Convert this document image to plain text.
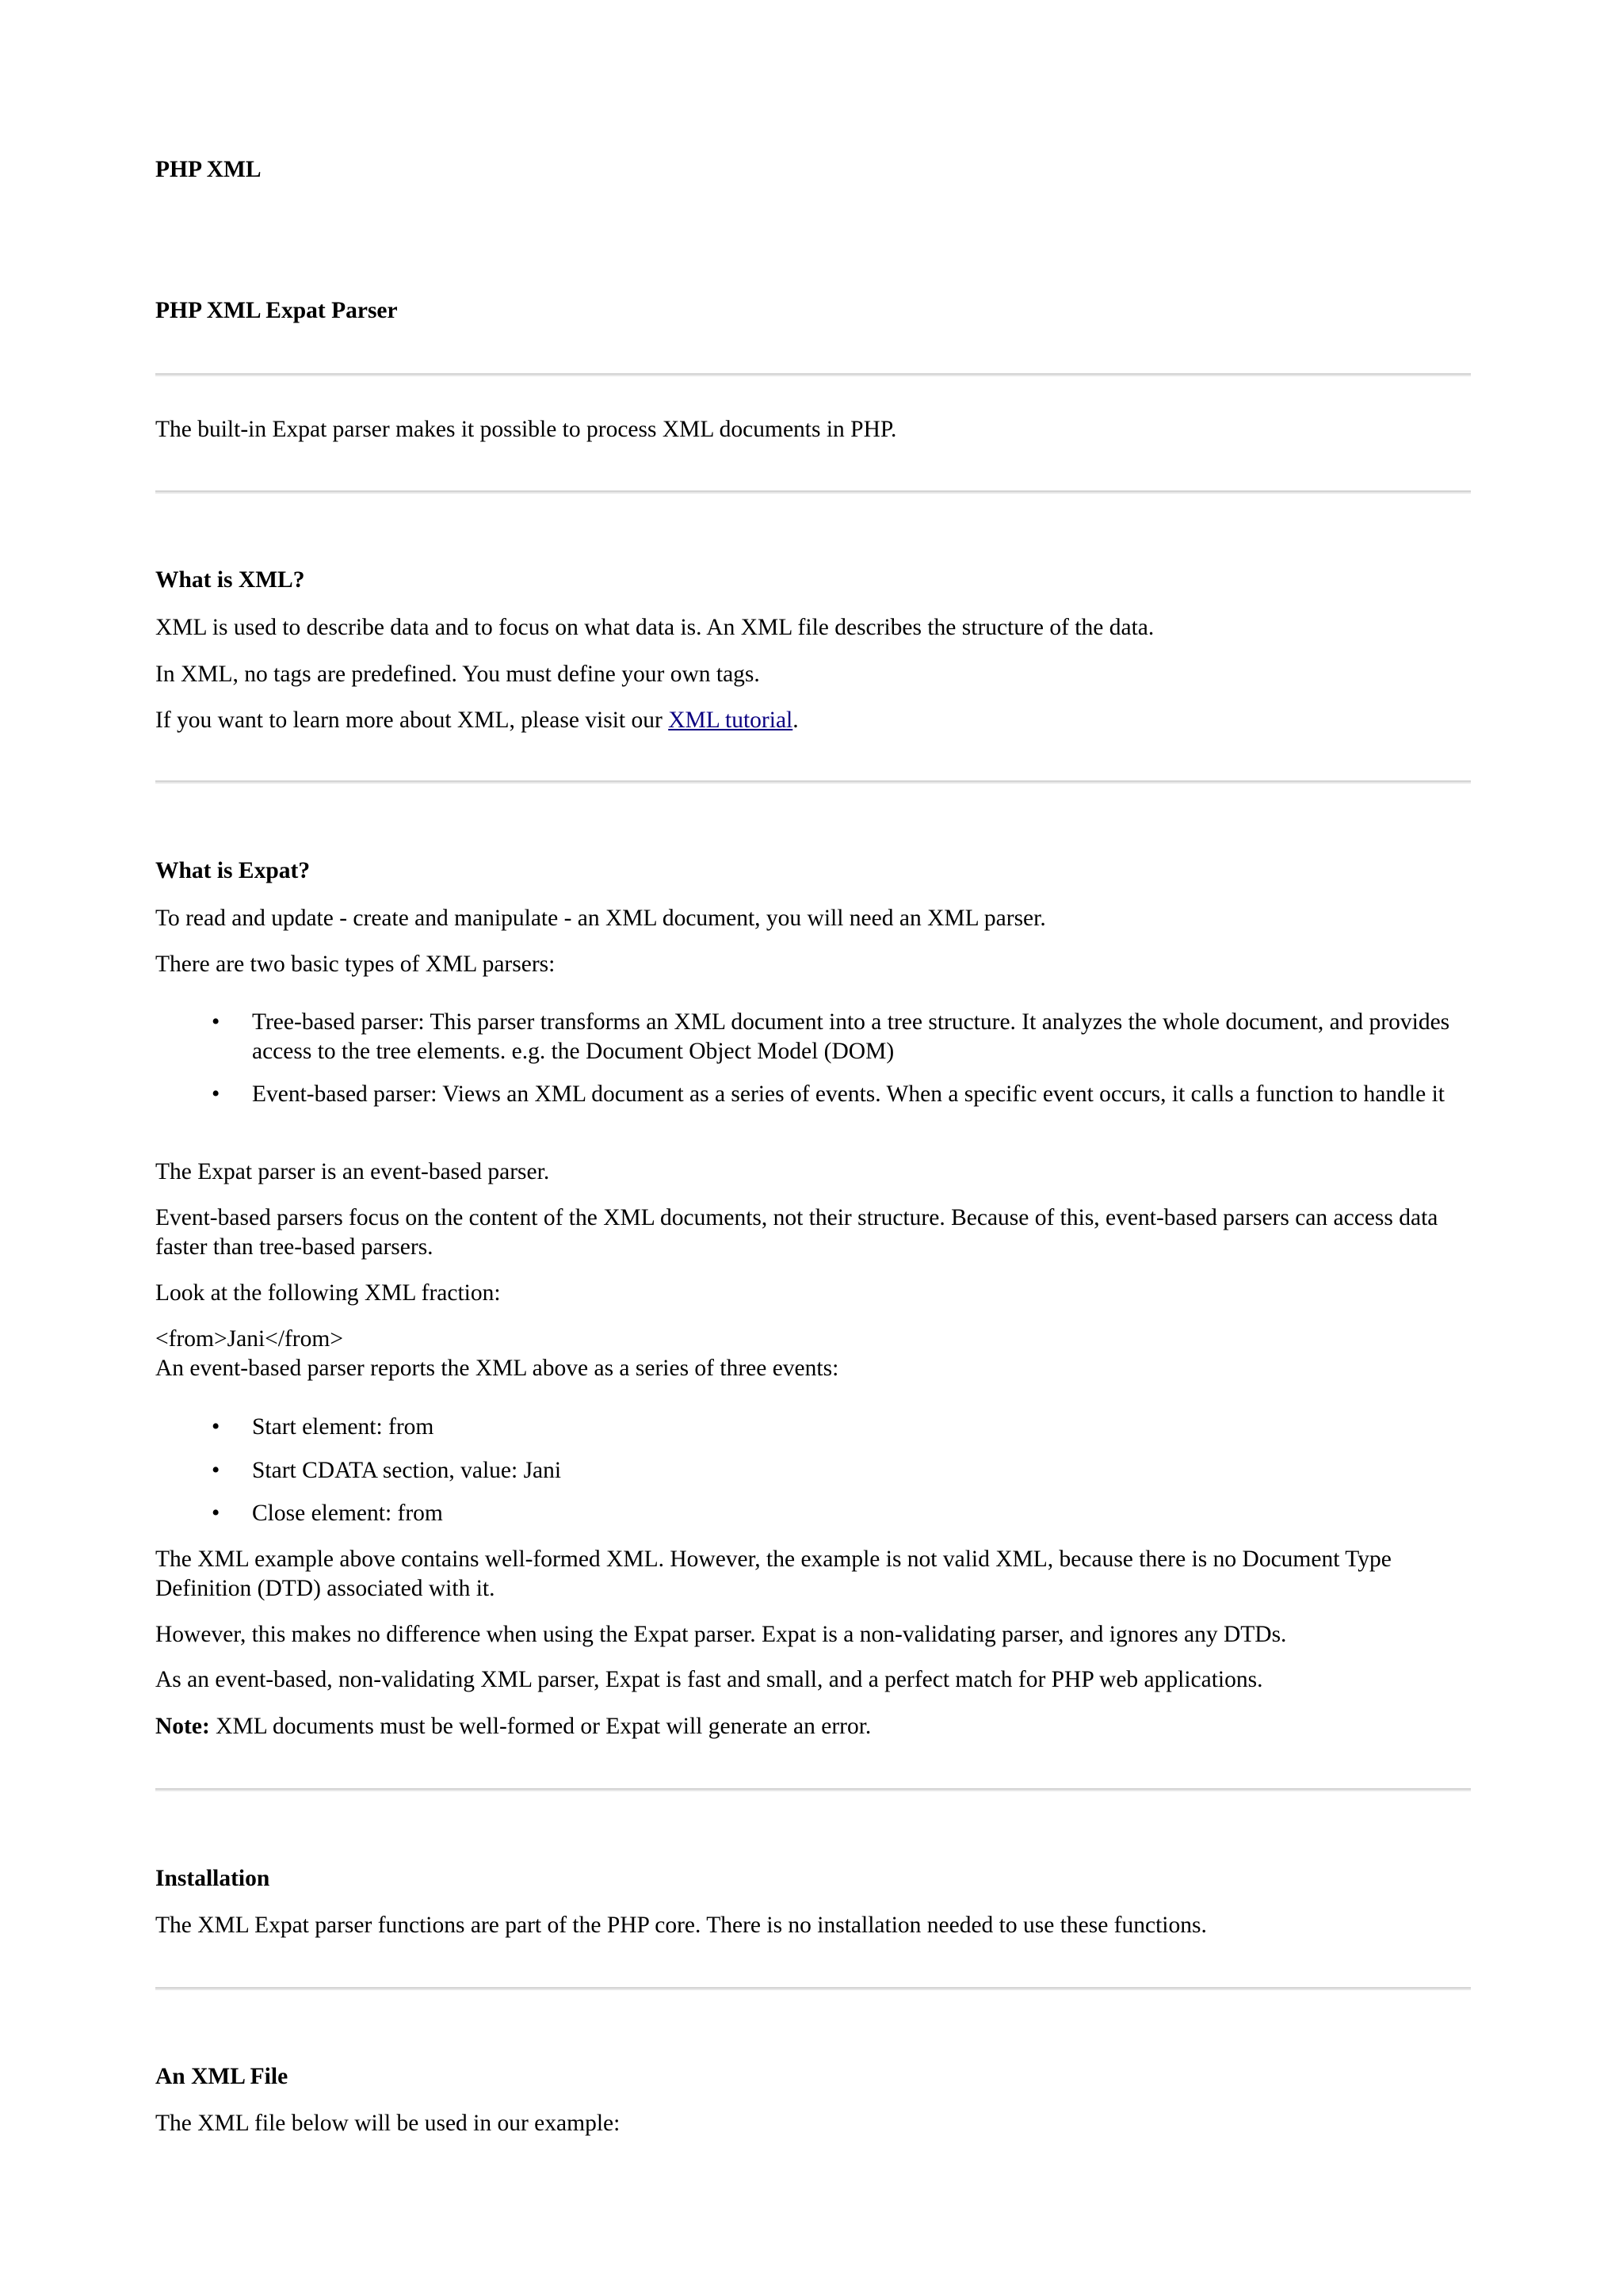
PHP XML

PHP XML Expat Parser

The built-in Expat parser makes it possible to process XML documents in PHP.

What is XML?

XML is used to describe data and to focus on what data is. An XML file describes the structure of the data.

In XML, no tags are predefined. You must define your own tags.

If you want to learn more about XML, please visit our XML tutorial.

What is Expat?

To read and update - create and manipulate - an XML document, you will need an XML parser.

There are two basic types of XML parsers:

• Tree-based parser: This parser transforms an XML document into a tree structure. It analyzes the whole document, and provides access to the tree elements. e.g. the Document Object Model (DOM)

• Event-based parser: Views an XML document as a series of events. When a specific event occurs, it calls a function to handle it

The Expat parser is an event-based parser.

Event-based parsers focus on the content of the XML documents, not their structure. Because of this, event-based parsers can access data faster than tree-based parsers.

Look at the following XML fraction:

<from>Jani</from>

An event-based parser reports the XML above as a series of three events:

• Start element: from

• Start CDATA section, value: Jani

• Close element: from

The XML example above contains well-formed XML. However, the example is not valid XML, because there is no Document Type Definition (DTD) associated with it.

However, this makes no difference when using the Expat parser. Expat is a non-validating parser, and ignores any DTDs.

As an event-based, non-validating XML parser, Expat is fast and small, and a perfect match for PHP web applications.

Note: XML documents must be well-formed or Expat will generate an error.

Installation

The XML Expat parser functions are part of the PHP core. There is no installation needed to use these functions.

An XML File

The XML file below will be used in our example:
